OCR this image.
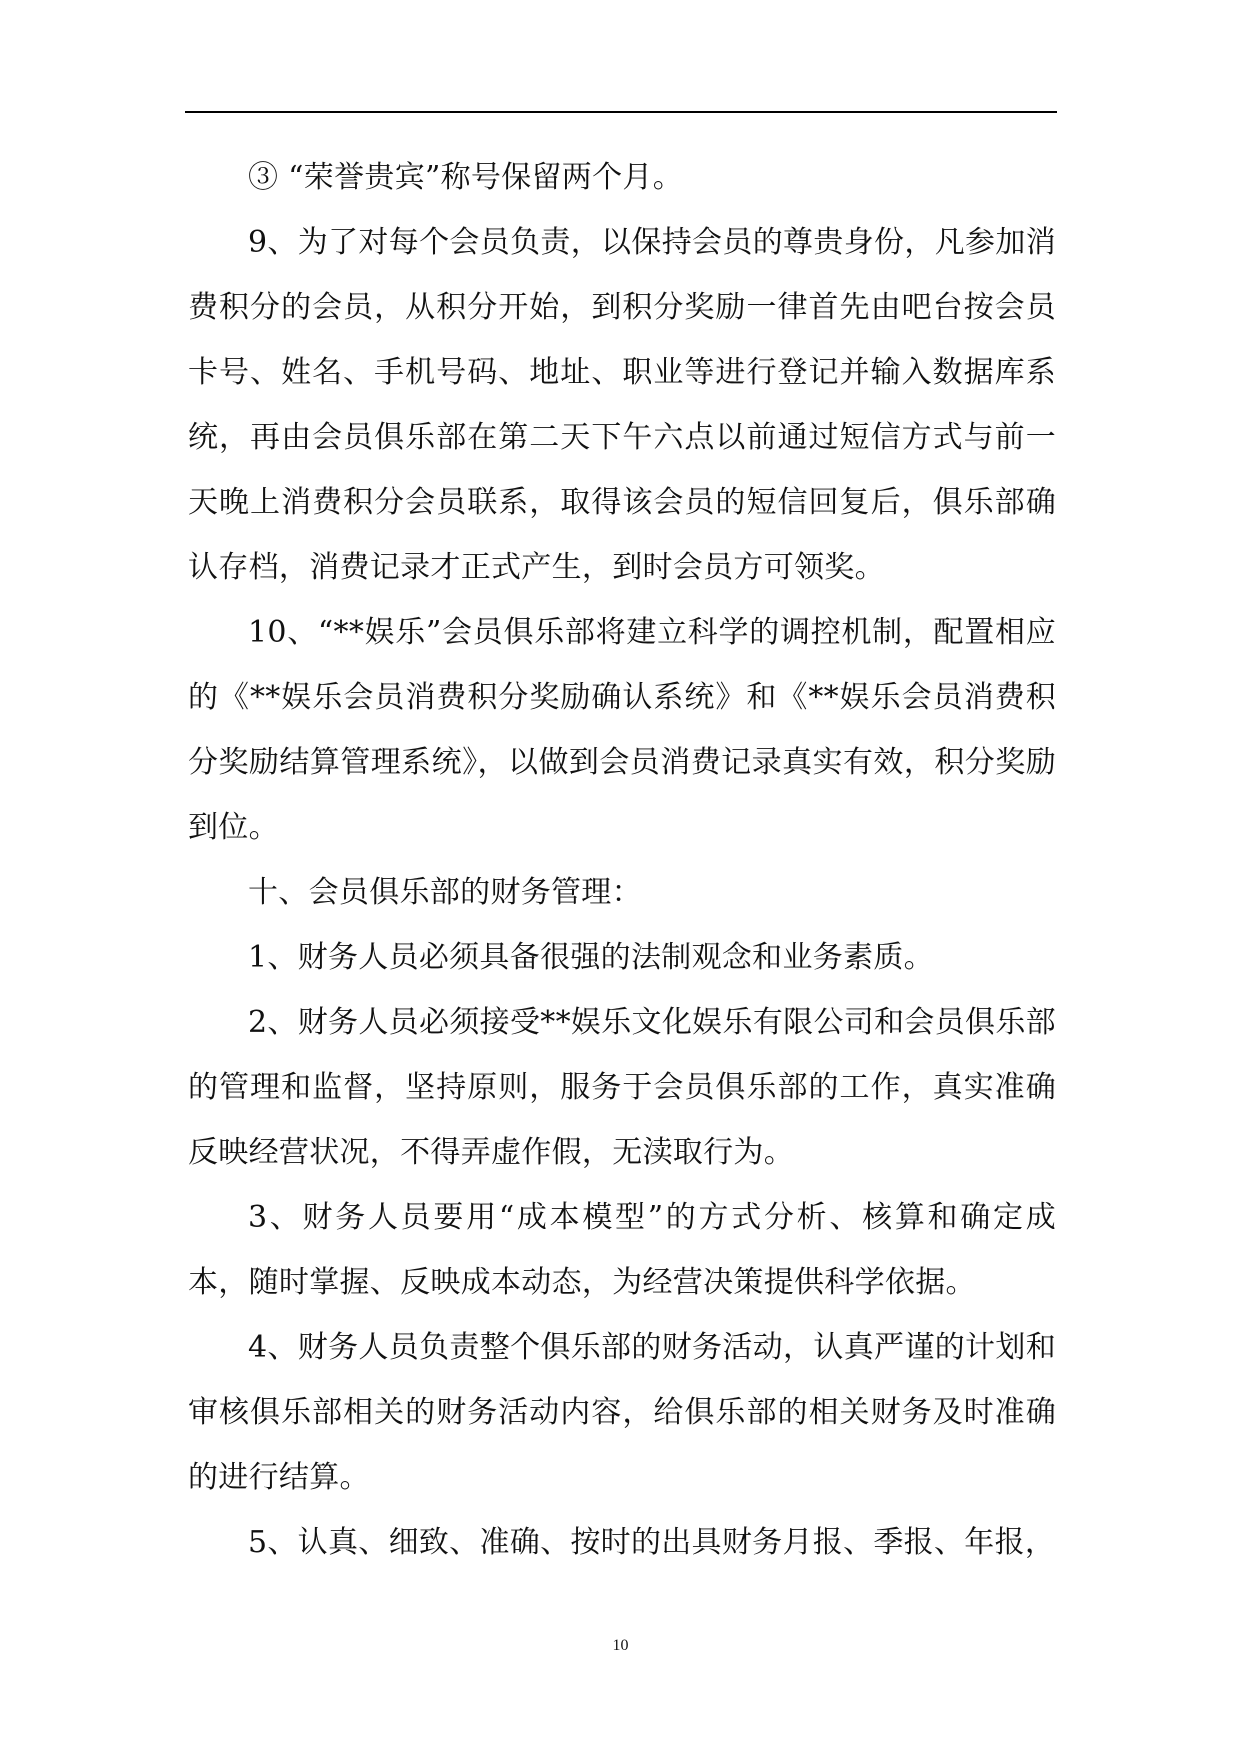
③ “荣誉贵宾”称号保留两个月。

9、为了对每个会员负责，以保持会员的尊贵身份，凡参加消费积分的会员，从积分开始，到积分奖励一律首先由吧台按会员卡号、姓名、手机号码、地址、职业等进行登记并输入数据库系统，再由会员俱乐部在第二天下午六点以前通过短信方式与前一天晚上消费积分会员联系，取得该会员的短信回复后，俱乐部确认存档，消费记录才正式产生，到时会员方可领奖。

10、“**娱乐”会员俱乐部将建立科学的调控机制，配置相应的《**娱乐会员消费积分奖励确认系统》和《**娱乐会员消费积分奖励结算管理系统》，以做到会员消费记录真实有效，积分奖励到位。

十、会员俱乐部的财务管理：

1、财务人员必须具备很强的法制观念和业务素质。

2、财务人员必须接受**娱乐文化娱乐有限公司和会员俱乐部的管理和监督，坚持原则，服务于会员俱乐部的工作，真实准确反映经营状况，不得弄虚作假，无渎取行为。

3、财务人员要用“成本模型”的方式分析、核算和确定成本，随时掌握、反映成本动态，为经营决策提供科学依据。

4、财务人员负责整个俱乐部的财务活动，认真严谨的计划和审核俱乐部相关的财务活动内容，给俱乐部的相关财务及时准确的进行结算。

5、认真、细致、准确、按时的出具财务月报、季报、年报，

10
